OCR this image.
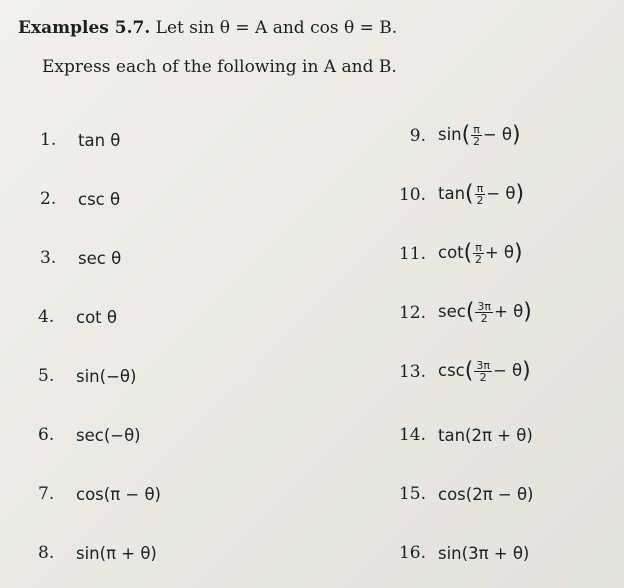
Examples 5.7. Let sin θ = A and cos θ = B.
Express each of the following in A and B.
1.	tan θ
2.	csc θ
3.	sec θ
4.	cot θ
5.	sin(−θ)
6.	sec(−θ)
7.	cos(π − θ)
8.	sin(π + θ)
9. $\sin( \frac{\pi}{2} - \theta)$
10. $\tan( \frac{\pi}{2} - \theta)$
11. $\cot( \frac{\pi}{2} + \theta)$
12. $\sec( \frac{3\pi}{2} + \theta)$
13. $\csc( \frac{3\pi}{2} - \theta)$
14. tan(2π + θ)
15. cos(2π − θ)
16. sin(3π + θ)
